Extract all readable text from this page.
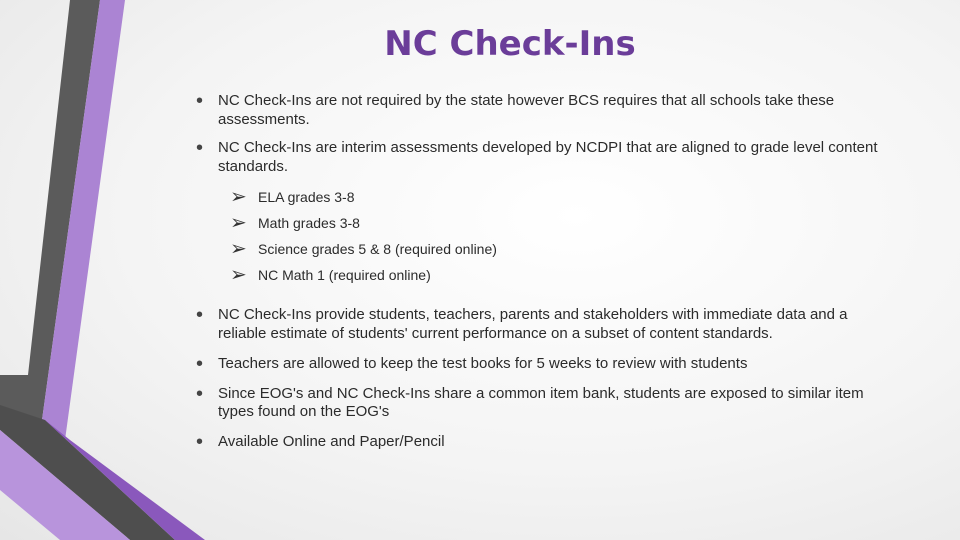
NC Check-Ins
• NC Check-Ins are not required by the state however BCS requires that all schools take these assessments.
• NC Check-Ins are interim assessments developed by NCDPI that are aligned to grade level content standards.
➢ ELA grades 3-8
➢ Math grades 3-8
➢ Science grades 5 & 8 (required online)
➢ NC Math 1 (required online)
• NC Check-Ins provide students, teachers, parents and stakeholders with immediate data and a reliable estimate of students' current performance on a subset of content standards.
• Teachers are allowed to keep the test books for 5 weeks to review with students
• Since EOG's and NC Check-Ins share a common item bank, students are exposed to similar item types found on the EOG's
• Available Online and Paper/Pencil
